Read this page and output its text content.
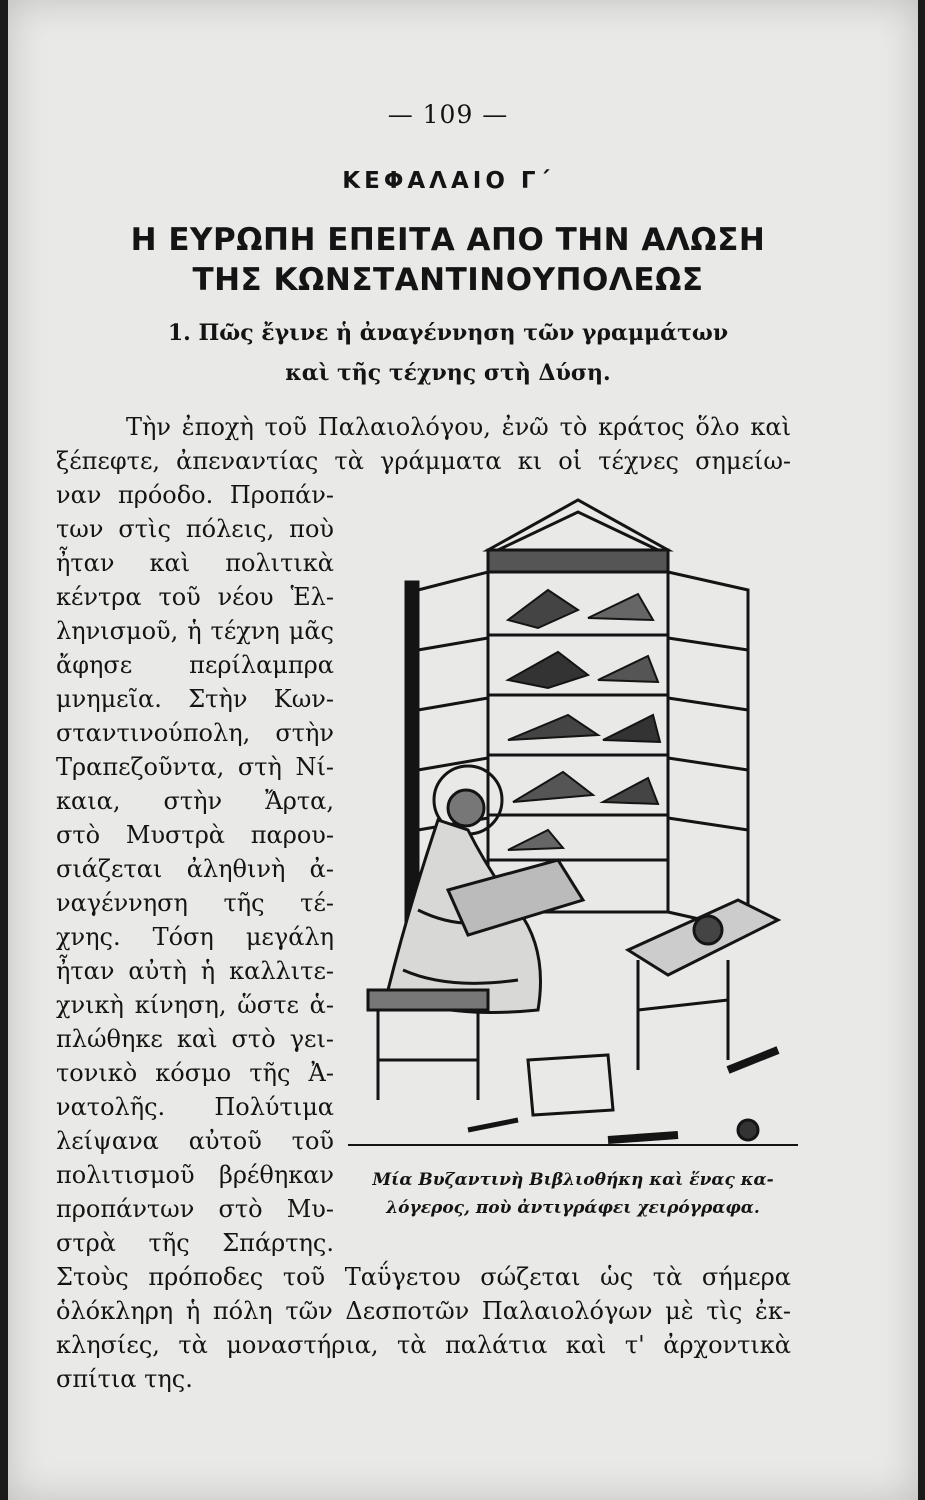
— 109 —
ΚΕΦΑΛΑΙΟ Γ΄
Η ΕΥΡΩΠΗ ΕΠΕΙΤΑ ΑΠΟ ΤΗΝ ΑΛΩΣΗ
ΤΗΣ ΚΩΝΣΤΑΝΤΙΝΟΥΠΟΛΕΩΣ
1. Πῶς ἔγινε ἡ ἀναγέννηση τῶν γραμμάτων
καὶ τῆς τέχνης στὴ Δύση.
Τὴν ἐποχὴ τοῦ Παλαιολόγου, ἐνῶ τὸ κράτος ὅλο καὶ
ξέπεφτε, ἀπεναντίας τὰ γράμματα κι οἱ τέχνες σημείω-
ναν πρόοδο. Προπάν-
των στὶς πόλεις, ποὺ
ἦταν καὶ πολιτικὰ
κέντρα τοῦ νέου Ἑλ-
ληνισμοῦ, ἡ τέχνη μᾶς
ἄφησε περίλαμπρα
μνημεῖα. Στὴν Κων-
σταντινούπολη, στὴν
Τραπεζοῦντα, στὴ Νί-
καια, στὴν Ἄρτα,
στὸ Μυστρὰ παρου-
σιάζεται ἀληθινὴ ἀ-
ναγέννηση τῆς τέ-
χνης. Τόση μεγάλη
ἦταν αὐτὴ ἡ καλλιτε-
χνικὴ κίνηση, ὥστε ἁ-
πλώθηκε καὶ στὸ γει-
τονικὸ κόσμο τῆς Ἀ-
νατολῆς. Πολύτιμα
λείψανα αὐτοῦ τοῦ
πολιτισμοῦ βρέθηκαν
προπάντων στὸ Μυ-
στρὰ τῆς Σπάρτης.
Μία Βυζαντινὴ Βιβλιοθήκη καὶ ἕνας κα-
λόγερος, ποὺ ἀντιγράφει χειρόγραφα.
Στοὺς πρόποδες τοῦ Ταΰγετου σώζεται ὡς τὰ σήμερα
ὁλόκληρη ἡ πόλη τῶν Δεσποτῶν Παλαιολόγων μὲ τὶς ἐκ-
κλησίες, τὰ μοναστήρια, τὰ παλάτια καὶ τ' ἀρχοντικὰ
σπίτια της.
